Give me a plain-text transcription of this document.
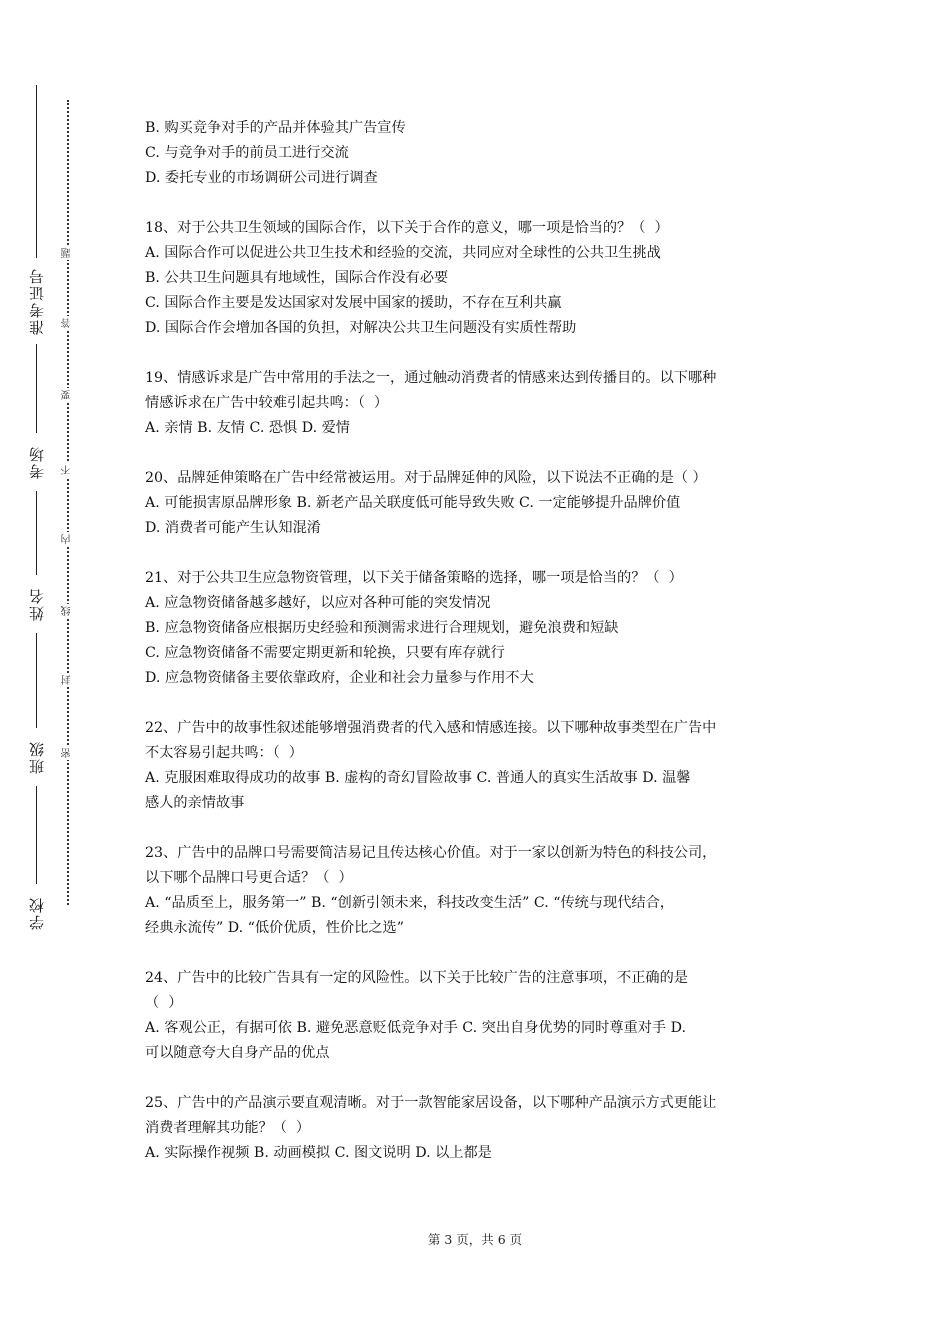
准考证号
考场
姓名
班级
学校
题
答
要
不
内
线
封
密
B. 购买竞争对手的产品并体验其广告宣传
C. 与竞争对手的前员工进行交流
D. 委托专业的市场调研公司进行调查
18、对于公共卫生领域的国际合作，以下关于合作的意义，哪一项是恰当的？（  ）
A. 国际合作可以促进公共卫生技术和经验的交流，共同应对全球性的公共卫生挑战
B. 公共卫生问题具有地域性，国际合作没有必要
C. 国际合作主要是发达国家对发展中国家的援助，不存在互利共赢
D. 国际合作会增加各国的负担，对解决公共卫生问题没有实质性帮助
19、情感诉求是广告中常用的手法之一，通过触动消费者的情感来达到传播目的。以下哪种
情感诉求在广告中较难引起共鸣：（  ）
A. 亲情 B. 友情 C. 恐惧 D. 爱情
20、品牌延伸策略在广告中经常被运用。对于品牌延伸的风险，以下说法不正确的是（ ）
A. 可能损害原品牌形象 B. 新老产品关联度低可能导致失败 C. 一定能够提升品牌价值
D. 消费者可能产生认知混淆
21、对于公共卫生应急物资管理，以下关于储备策略的选择，哪一项是恰当的？（  ）
A. 应急物资储备越多越好，以应对各种可能的突发情况
B. 应急物资储备应根据历史经验和预测需求进行合理规划，避免浪费和短缺
C. 应急物资储备不需要定期更新和轮换，只要有库存就行
D. 应急物资储备主要依靠政府，企业和社会力量参与作用不大
22、广告中的故事性叙述能够增强消费者的代入感和情感连接。以下哪种故事类型在广告中
不太容易引起共鸣：（  ）
A. 克服困难取得成功的故事 B. 虚构的奇幻冒险故事 C. 普通人的真实生活故事 D. 温馨
感人的亲情故事
23、广告中的品牌口号需要简洁易记且传达核心价值。对于一家以创新为特色的科技公司，
以下哪个品牌口号更合适？（  ）
A. “品质至上，服务第一” B. “创新引领未来，科技改变生活” C. “传统与现代结合，
经典永流传” D. “低价优质，性价比之选”
24、广告中的比较广告具有一定的风险性。以下关于比较广告的注意事项，不正确的是
（  ）
A. 客观公正，有据可依 B. 避免恶意贬低竞争对手 C. 突出自身优势的同时尊重对手 D.
可以随意夸大自身产品的优点
25、广告中的产品演示要直观清晰。对于一款智能家居设备，以下哪种产品演示方式更能让
消费者理解其功能？（  ）
A. 实际操作视频 B. 动画模拟 C. 图文说明 D. 以上都是
第 3 页，共 6 页
